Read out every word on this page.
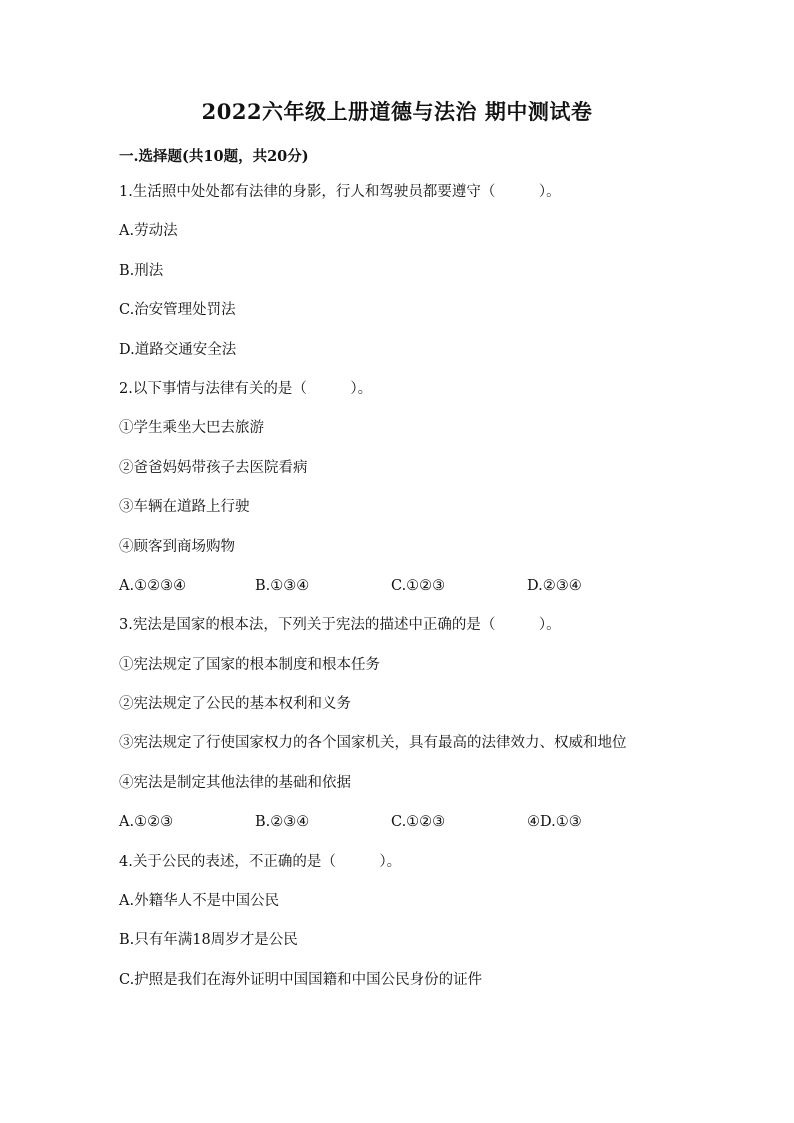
2022六年级上册道德与法治 期中测试卷
一.选择题(共10题，共20分)
1.生活照中处处都有法律的身影，行人和驾驶员都要遵守（　　　）。
A.劳动法
B.刑法
C.治安管理处罚法
D.道路交通安全法
2.以下事情与法律有关的是（　　　）。
①学生乘坐大巴去旅游
②爸爸妈妈带孩子去医院看病
③车辆在道路上行驶
④顾客到商场购物
A.①②③④	B.①③④	C.①②③	D.②③④
3.宪法是国家的根本法，下列关于宪法的描述中正确的是（　　　）。
①宪法规定了国家的根本制度和根本任务
②宪法规定了公民的基本权利和义务
③宪法规定了行使国家权力的各个国家机关，具有最高的法律效力、权威和地位
④宪法是制定其他法律的基础和依据
A.①②③	B.②③④	C.①②③	④D.①③
4.关于公民的表述，不正确的是（　　　）。
A.外籍华人不是中国公民
B.只有年满18周岁才是公民
C.护照是我们在海外证明中国国籍和中国公民身份的证件
